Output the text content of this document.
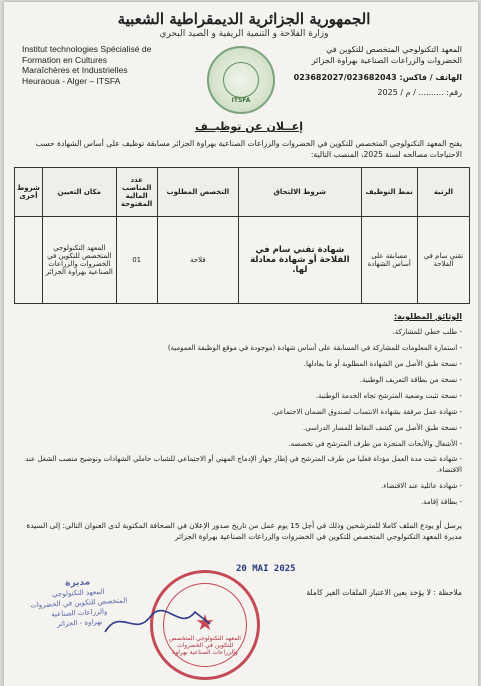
الجمهورية الجزائرية الديمقراطية الشعبية
وزارة الفلاحة و التنمية الريفية و الصيد البحري
Institut technologies Spécialisé de
Formation en Cultures
Maraîchères et Industrielles
Heuraoua - Alger – ITSFA
ITSFA
المعهد التكنولوجي المتخصص للتكوين في
الخضروات والزراعات الصناعية بهراوة الجزائر
الهاتف / فاكس: 023682027/023682043
رقم: .......... / م / 2025
إعــلان عن توظيــف
يفتح المعهد التكنولوجي المتخصص للتكوين في الخضروات والزراعات الصناعية بهراوة الجزائر مسابقة توظيف على أساس الشهادة حسب الاحتياجات مصالحه لسنة 2025، المنصب التالية:
الرتبة	نمط التوظيف	شروط الالتحاق	التخصص المطلوب	عدد المناصب المالية المفتوحة	مكان التعيين	شروط أخرى
تقني سام في الفلاحة	مسابقة على أساس الشهادة	شهادة تقني سام في الفلاحة أو شهادة معادلة لها.	فلاحة	01	المعهد التكنولوجي المتخصص للتكوين في الخضروات والزراعات الصناعية بهراوة الجزائر	
الوثائق المطلوبة:
- طلب خطي للمشاركة.
- استمارة المعلومات للمشاركة في المسابقة على أساس شهادة (موجودة في موقع الوظيفة العمومية)
- نسخة طبق الأصل من الشهادة المطلوبة أو ما يعادلها.
- نسخة من بطاقة التعريف الوطنية.
- نسخة تثبت وضعية المترشح تجاه الخدمة الوطنية.
- شهادة عمل مرفقة بشهادة الانتساب لصندوق الضمان الاجتماعي.
- نسخة طبق الأصل من كشف النقاط للمسار الدراسي.
- الأشغال والأبحاث المنجزة من طرف المترشح في تخصصه.
- شهادة تثبت مدة العمل مؤداة فعليا من طرف المترشح في إطار جهاز الإدماج المهني أو الاجتماعي للشباب حاملي الشهادات وتوضيح منصب الشغل عند الاقتضاء.
- شهادة عائلية عند الاقتضاء.
- بطاقة إقامة.
يرسل أو يودع الملف كاملا للمترشحين وذلك في أجل 15 يوم عمل من تاريخ صدور الإعلان في الصحافة المكتوبة لدى العنوان التالي: إلى السيدة مديرة المعهد التكنولوجي المتخصص للتكوين في الخضروات والزراعات الصناعية بهراوة الجزائر
20 MAI 2025
ملاحظة : لا يؤخذ بعين الاعتبار الملفات الغير كاملة
مديرة
المعهد التكنولوجي
المتخصص للتكوين في الخضروات
والزراعات الصناعية
بهراوة - الجزائر	★
المعهد التكنولوجي المتخصص للتكوين في الخضروات والزراعات الصناعية بهراوة
